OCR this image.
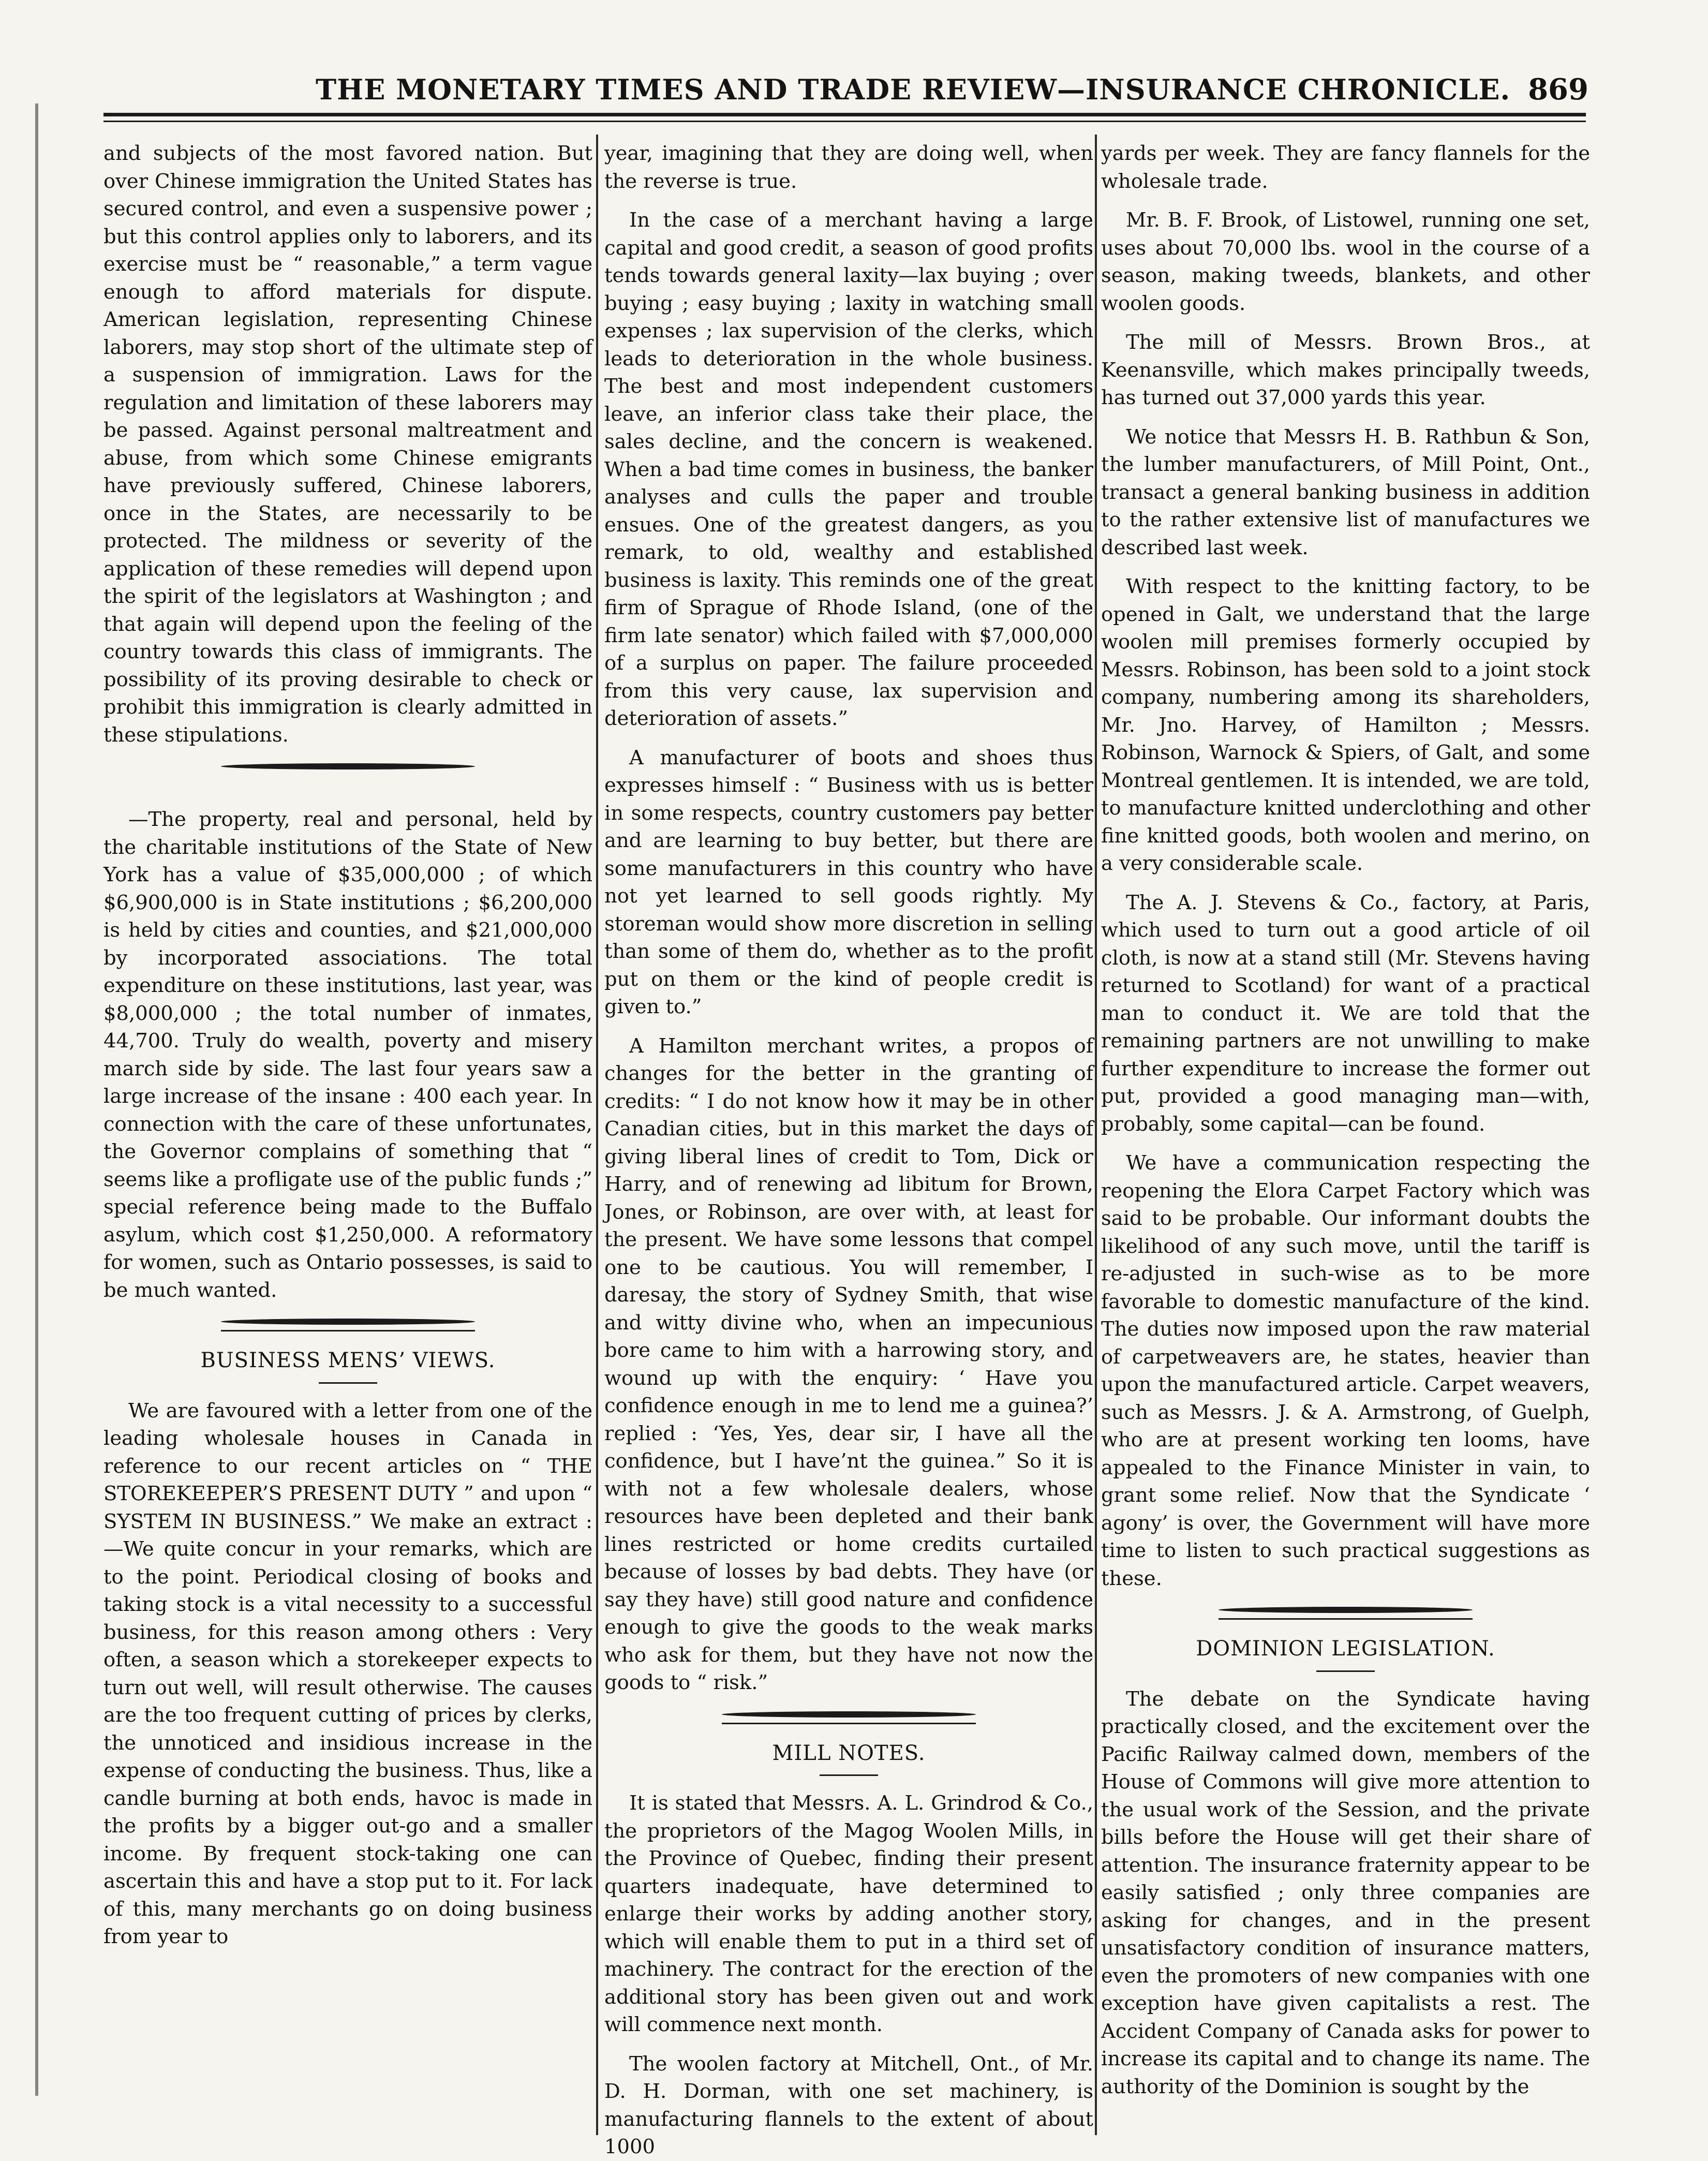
THE MONETARY TIMES AND TRADE REVIEW—INSURANCE CHRONICLE. 869

and subjects of the most favored nation. But over Chinese immigration the United States has secured control, and even a suspensive power ; but this control applies only to laborers, and its exercise must be “ reasonable,” a term vague enough to afford materials for dispute. American legislation, representing Chinese laborers, may stop short of the ultimate step of a suspension of immigration. Laws for the regulation and limitation of these laborers may be passed. Against personal maltreatment and abuse, from which some Chinese emigrants have previously suffered, Chinese laborers, once in the States, are necessarily to be protected. The mildness or severity of the application of these remedies will depend upon the spirit of the legislators at Washington ; and that again will depend upon the feeling of the country towards this class of immigrants. The possibility of its proving desirable to check or prohibit this immigration is clearly admitted in these stipulations.

—The property, real and personal, held by the charitable institutions of the State of New York has a value of $35,000,000 ; of which $6,900,000 is in State institutions ; $6,200,000 is held by cities and counties, and $21,000,000 by incorporated associations. The total expenditure on these institutions, last year, was $8,000,000 ; the total number of inmates, 44,700. Truly do wealth, poverty and misery march side by side. The last four years saw a large increase of the insane : 400 each year. In connection with the care of these unfortunates, the Governor complains of something that “ seems like a profligate use of the public funds ;” special reference being made to the Buffalo asylum, which cost $1,250,000. A reformatory for women, such as Ontario possesses, is said to be much wanted.

BUSINESS MENS’ VIEWS.

We are favoured with a letter from one of the leading wholesale houses in Canada in reference to our recent articles on “ THE STOREKEEPER’S PRESENT DUTY ” and upon “ SYSTEM IN BUSINESS.” We make an extract :—We quite concur in your remarks, which are to the point. Periodical closing of books and taking stock is a vital necessity to a successful business, for this reason among others : Very often, a season which a storekeeper expects to turn out well, will result otherwise. The causes are the too frequent cutting of prices by clerks, the unnoticed and insidious increase in the expense of conducting the business. Thus, like a candle burning at both ends, havoc is made in the profits by a bigger out-go and a smaller income. By frequent stock-taking one can ascertain this and have a stop put to it. For lack of this, many merchants go on doing business from year to

year, imagining that they are doing well, when the reverse is true.

In the case of a merchant having a large capital and good credit, a season of good profits tends towards general laxity—lax buying ; over buying ; easy buying ; laxity in watching small expenses ; lax supervision of the clerks, which leads to deterioration in the whole business. The best and most independent customers leave, an inferior class take their place, the sales decline, and the concern is weakened. When a bad time comes in business, the banker analyses and culls the paper and trouble ensues. One of the greatest dangers, as you remark, to old, wealthy and established business is laxity. This reminds one of the great firm of Sprague of Rhode Island, (one of the firm late senator) which failed with $7,000,000 of a surplus on paper. The failure proceeded from this very cause, lax supervision and deterioration of assets.”

A manufacturer of boots and shoes thus expresses himself : “ Business with us is better in some respects, country customers pay better and are learning to buy better, but there are some manufacturers in this country who have not yet learned to sell goods rightly. My storeman would show more discretion in selling than some of them do, whether as to the profit put on them or the kind of people credit is given to.”

A Hamilton merchant writes, a propos of changes for the better in the granting of credits: “ I do not know how it may be in other Canadian cities, but in this market the days of giving liberal lines of credit to Tom, Dick or Harry, and of renewing ad libitum for Brown, Jones, or Robinson, are over with, at least for the present. We have some lessons that compel one to be cautious. You will remember, I daresay, the story of Sydney Smith, that wise and witty divine who, when an impecunious bore came to him with a harrowing story, and wound up with the enquiry: ‘ Have you confidence enough in me to lend me a guinea?’ replied : ‘Yes, Yes, dear sir, I have all the confidence, but I have’nt the guinea.” So it is with not a few wholesale dealers, whose resources have been depleted and their bank lines restricted or home credits curtailed because of losses by bad debts. They have (or say they have) still good nature and confidence enough to give the goods to the weak marks who ask for them, but they have not now the goods to “ risk.”

MILL NOTES.

It is stated that Messrs. A. L. Grindrod & Co., the proprietors of the Magog Woolen Mills, in the Province of Quebec, finding their present quarters inadequate, have determined to enlarge their works by adding another story, which will enable them to put in a third set of machinery. The contract for the erection of the additional story has been given out and work will commence next month.

The woolen factory at Mitchell, Ont., of Mr. D. H. Dorman, with one set machinery, is manufacturing flannels to the extent of about 1000

yards per week. They are fancy flannels for the wholesale trade.

Mr. B. F. Brook, of Listowel, running one set, uses about 70,000 lbs. wool in the course of a season, making tweeds, blankets, and other woolen goods.

The mill of Messrs. Brown Bros., at Keenansville, which makes principally tweeds, has turned out 37,000 yards this year.

We notice that Messrs H. B. Rathbun & Son, the lumber manufacturers, of Mill Point, Ont., transact a general banking business in addition to the rather extensive list of manufactures we described last week.

With respect to the knitting factory, to be opened in Galt, we understand that the large woolen mill premises formerly occupied by Messrs. Robinson, has been sold to a joint stock company, numbering among its shareholders, Mr. Jno. Harvey, of Hamilton ; Messrs. Robinson, Warnock & Spiers, of Galt, and some Montreal gentlemen. It is intended, we are told, to manufacture knitted underclothing and other fine knitted goods, both woolen and merino, on a very considerable scale.

The A. J. Stevens & Co., factory, at Paris, which used to turn out a good article of oil cloth, is now at a stand still (Mr. Stevens having returned to Scotland) for want of a practical man to conduct it. We are told that the remaining partners are not unwilling to make further expenditure to increase the former out put, provided a good managing man—with, probably, some capital—can be found.

We have a communication respecting the reopening the Elora Carpet Factory which was said to be probable. Our informant doubts the likelihood of any such move, until the tariff is re-adjusted in such-wise as to be more favorable to domestic manufacture of the kind. The duties now imposed upon the raw material of carpetweavers are, he states, heavier than upon the manufactured article. Carpet weavers, such as Messrs. J. & A. Armstrong, of Guelph, who are at present working ten looms, have appealed to the Finance Minister in vain, to grant some relief. Now that the Syndicate ‘ agony’ is over, the Government will have more time to listen to such practical suggestions as these.

DOMINION LEGISLATION.

The debate on the Syndicate having practically closed, and the excitement over the Pacific Railway calmed down, members of the House of Commons will give more attention to the usual work of the Session, and the private bills before the House will get their share of attention. The insurance fraternity appear to be easily satisfied ; only three companies are asking for changes, and in the present unsatisfactory condition of insurance matters, even the promoters of new companies with one exception have given capitalists a rest. The Accident Company of Canada asks for power to increase its capital and to change its name. The authority of the Dominion is sought by the
